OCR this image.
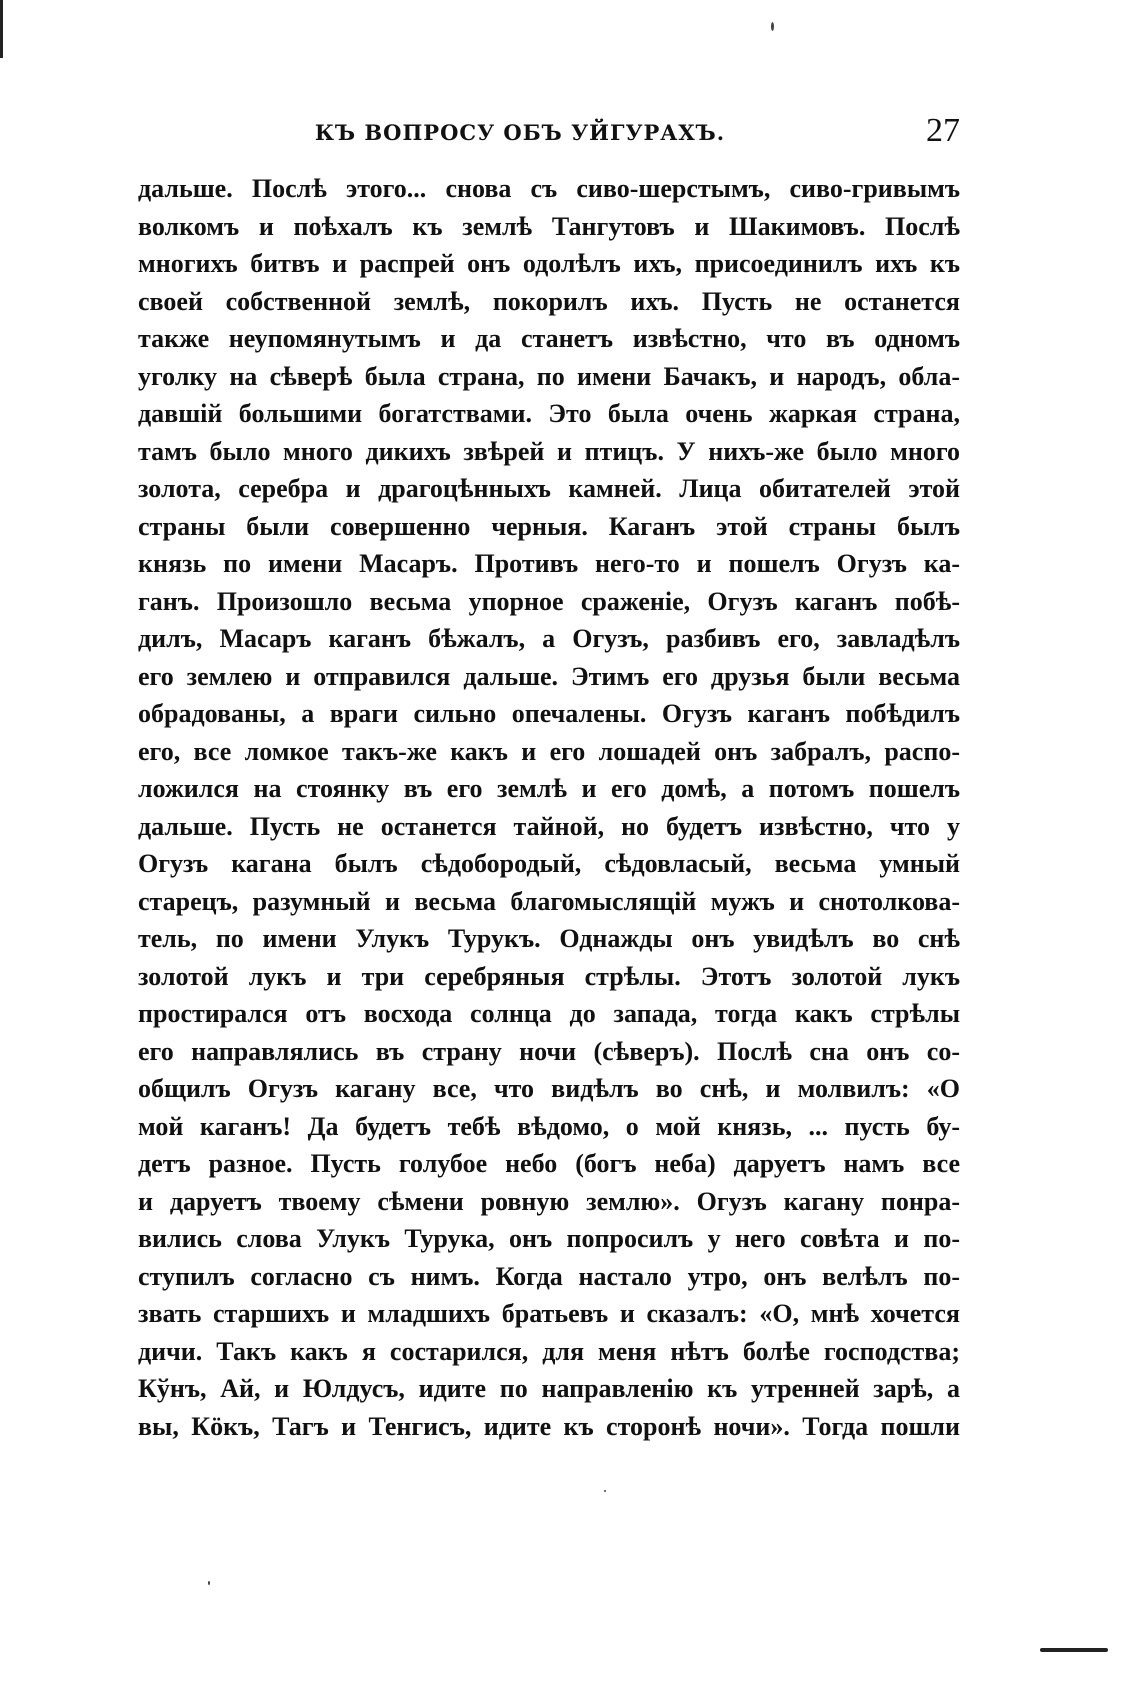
КЪ ВОПРОСУ ОБЪ УЙГУРАХЪ.	27
дальше. Послѣ этого... снова съ сиво-шерстымъ, сиво-гривымъ
волкомъ и поѣхалъ къ землѣ Тангутовъ и Шакимовъ. Послѣ
многихъ битвъ и распрей онъ одолѣлъ ихъ, присоединилъ ихъ къ
своей собственной землѣ, покорилъ ихъ. Пусть не останется
также неупомянутымъ и да станетъ извѣстно, что въ одномъ
уголку на сѣверѣ была страна, по имени Бачакъ, и народъ, обла-
давшій большими богатствами. Это была очень жаркая страна,
тамъ было много дикихъ звѣрей и птицъ. У нихъ-же было много
золота, серебра и драгоцѣнныхъ камней. Лица обитателей этой
страны были совершенно черныя. Каганъ этой страны былъ
князь по имени Масаръ. Противъ него-то и пошелъ Огузъ ка-
ганъ. Произошло весьма упорное сраженіе, Огузъ каганъ побѣ-
дилъ, Масаръ каганъ бѣжалъ, а Огузъ, разбивъ его, завладѣлъ
его землею и отправился дальше. Этимъ его друзья были весьма
обрадованы, а враги сильно опечалены. Огузъ каганъ побѣдилъ
его, все ломкое такъ-же какъ и его лошадей онъ забралъ, распо-
ложился на стоянку въ его землѣ и его домѣ, а потомъ пошелъ
дальше. Пусть не останется тайной, но будетъ извѣстно, что у
Огузъ кагана былъ сѣдобородый, сѣдовласый, весьма умный
старецъ, разумный и весьма благомыслящій мужъ и снотолкова-
тель, по имени Улукъ Турукъ. Однажды онъ увидѣлъ во снѣ
золотой лукъ и три серебряныя стрѣлы. Этотъ золотой лукъ
простирался отъ восхода солнца до запада, тогда какъ стрѣлы
его направлялись въ страну ночи (сѣверъ). Послѣ сна онъ со-
общилъ Огузъ кагану все, что видѣлъ во снѣ, и молвилъ: «О
мой каганъ! Да будетъ тебѣ вѣдомо, о мой князь, ... пусть бу-
детъ разное. Пусть голубое небо (богъ неба) даруетъ намъ все
и даруетъ твоему сѣмени ровную землю». Огузъ кагану понра-
вились слова Улукъ Турука, онъ попросилъ у него совѣта и по-
ступилъ согласно съ нимъ. Когда настало утро, онъ велѣлъ по-
звать старшихъ и младшихъ братьевъ и сказалъ: «О, мнѣ хочется
дичи. Такъ какъ я состарился, для меня нѣтъ болѣе господства;
Кўнъ, Ай, и Юлдусъ, идите по направленію къ утренней зарѣ, а
вы, Кöкъ, Тагъ и Тенгисъ, идите къ сторонѣ ночи». Тогда пошли
